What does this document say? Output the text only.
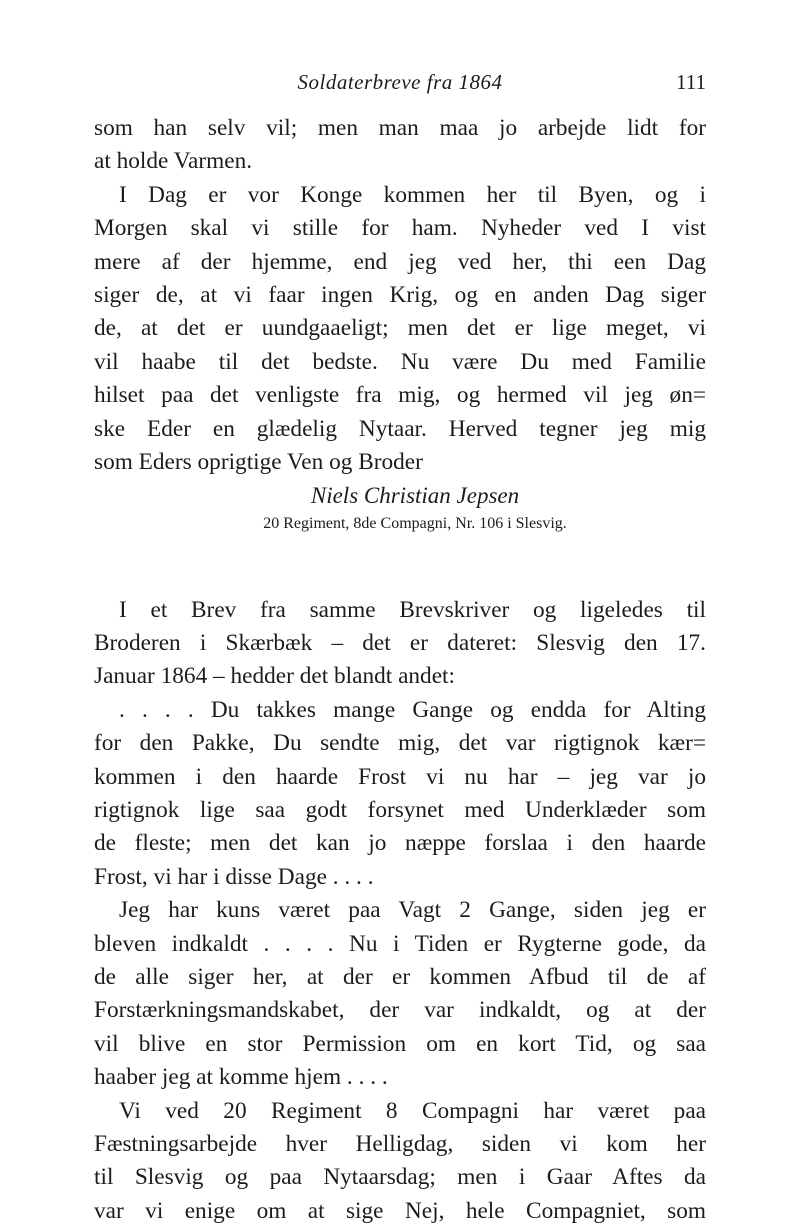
Soldaterbreve fra 1864	111
som han selv vil; men man maa jo arbejde lidt for
at holde Varmen.
I Dag er vor Konge kommen her til Byen, og i
Morgen skal vi stille for ham. Nyheder ved I vist
mere af der hjemme, end jeg ved her, thi een Dag
siger de, at vi faar ingen Krig, og en anden Dag siger
de, at det er uundgaaeligt; men det er lige meget, vi
vil haabe til det bedste. Nu være Du med Familie
hilset paa det venligste fra mig, og hermed vil jeg øn=
ske Eder en glædelig Nytaar. Herved tegner jeg mig
som Eders oprigtige Ven og Broder
Niels Christian Jepsen
20 Regiment, 8de Compagni, Nr. 106 i Slesvig.
I et Brev fra samme Brevskriver og ligeledes til
Broderen i Skærbæk – det er dateret: Slesvig den 17.
Januar 1864 – hedder det blandt andet:
. . . . Du takkes mange Gange og endda for Alting
for den Pakke, Du sendte mig, det var rigtignok kær=
kommen i den haarde Frost vi nu har – jeg var jo
rigtignok lige saa godt forsynet med Underklæder som
de fleste; men det kan jo næppe forslaa i den haarde
Frost, vi har i disse Dage . . . .
Jeg har kuns været paa Vagt 2 Gange, siden jeg er
bleven indkaldt . . . . Nu i Tiden er Rygterne gode, da
de alle siger her, at der er kommen Afbud til de af
Forstærkningsmandskabet, der var indkaldt, og at der
vil blive en stor Permission om en kort Tid, og saa
haaber jeg at komme hjem . . . .
Vi ved 20 Regiment 8 Compagni har været paa
Fæstningsarbejde hver Helligdag, siden vi kom her
til Slesvig og paa Nytaarsdag; men i Gaar Aftes da
var vi enige om at sige Nej, hele Compagniet, som
